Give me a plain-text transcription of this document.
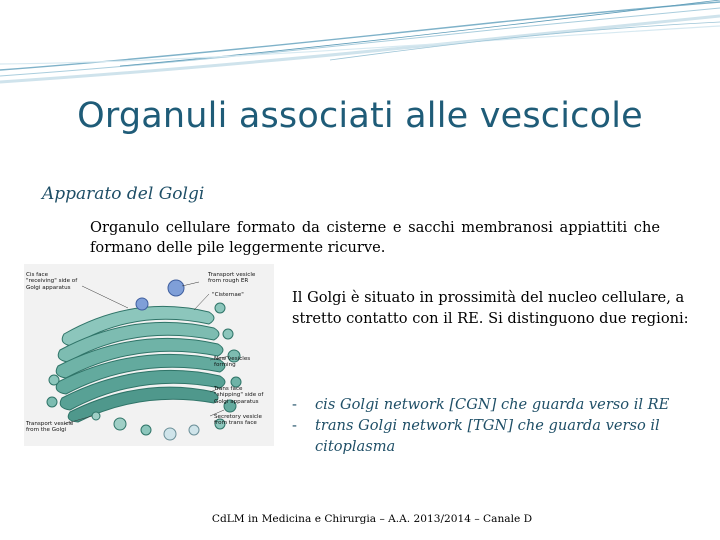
Organuli associati alle vescicole
Apparato del Golgi
Organulo cellulare formato da cisterne e sacchi membranosi appiattiti che formano delle pile leggermente ricurve.
Cis face
"receiving" side of
Golgi apparatus
Transport vesicle
from rough ER
"Cisternae"
New vesicles
forming
Trans face
"shipping" side of
Golgi apparatus
Secretory vesicle
from trans face
Transport vesicle
from the Golgi
Il Golgi è situato in prossimità del nucleo cellulare, a stretto contatto con il RE. Si distinguono due regioni:
- cis Golgi network [CGN] che guarda verso il RE
- trans Golgi network [TGN] che guarda verso il citoplasma
CdLM in Medicina e Chirurgia – A.A. 2013/2014 – Canale D
